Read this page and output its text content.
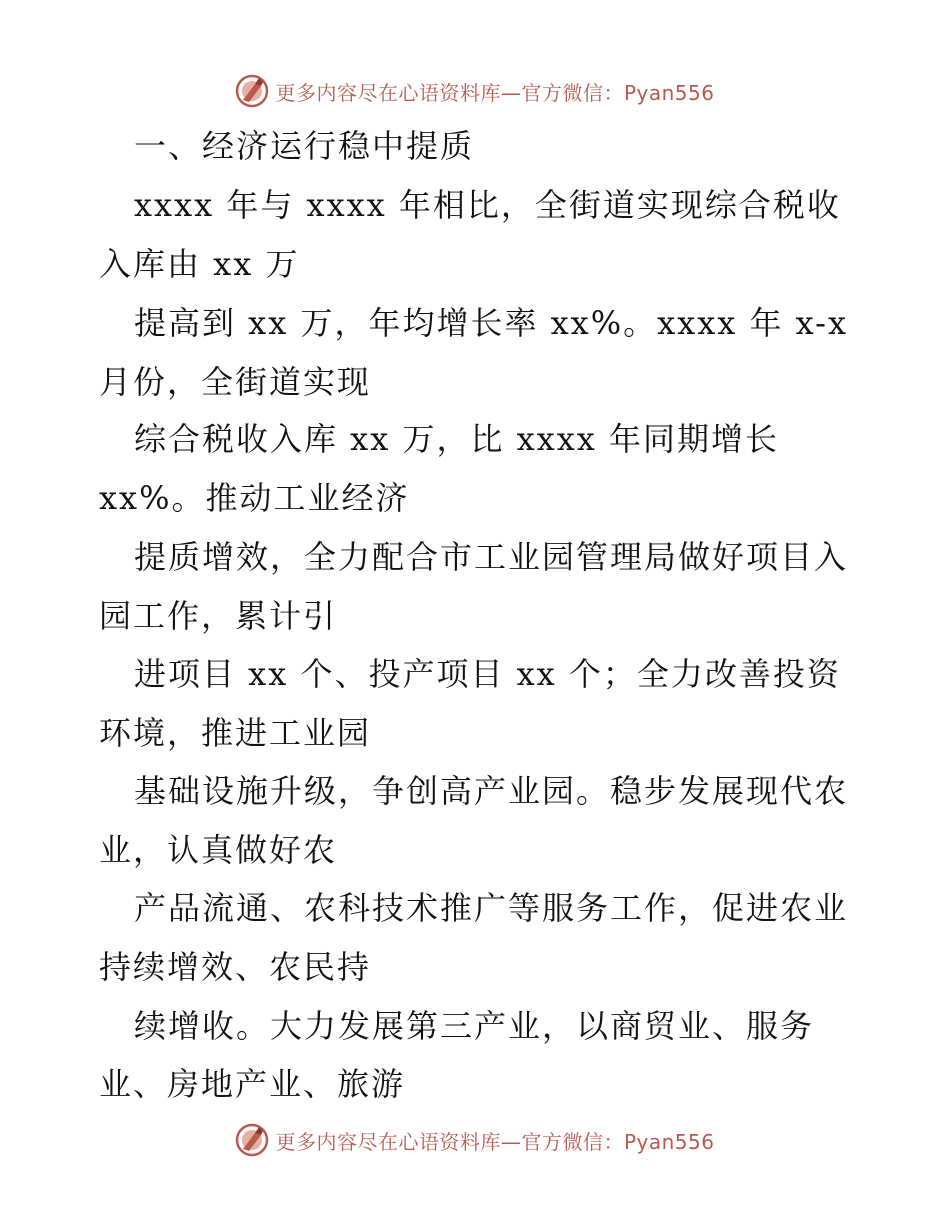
更多内容尽在心语资料库—官方微信：Pyan556
一、经济运行稳中提质
xxxx 年与 xxxx 年相比，全街道实现综合税收
入库由 xx 万
提高到 xx 万，年均增长率 xx%。xxxx 年 x-x
月份，全街道实现
综合税收入库 xx 万，比 xxxx 年同期增长
xx%。推动工业经济
提质增效，全力配合市工业园管理局做好项目入
园工作，累计引
进项目 xx 个、投产项目 xx 个；全力改善投资
环境，推进工业园
基础设施升级，争创高产业园。稳步发展现代农
业，认真做好农
产品流通、农科技术推广等服务工作，促进农业
持续增效、农民持
续增收。大力发展第三产业，以商贸业、服务
业、房地产业、旅游
更多内容尽在心语资料库—官方微信：Pyan556
